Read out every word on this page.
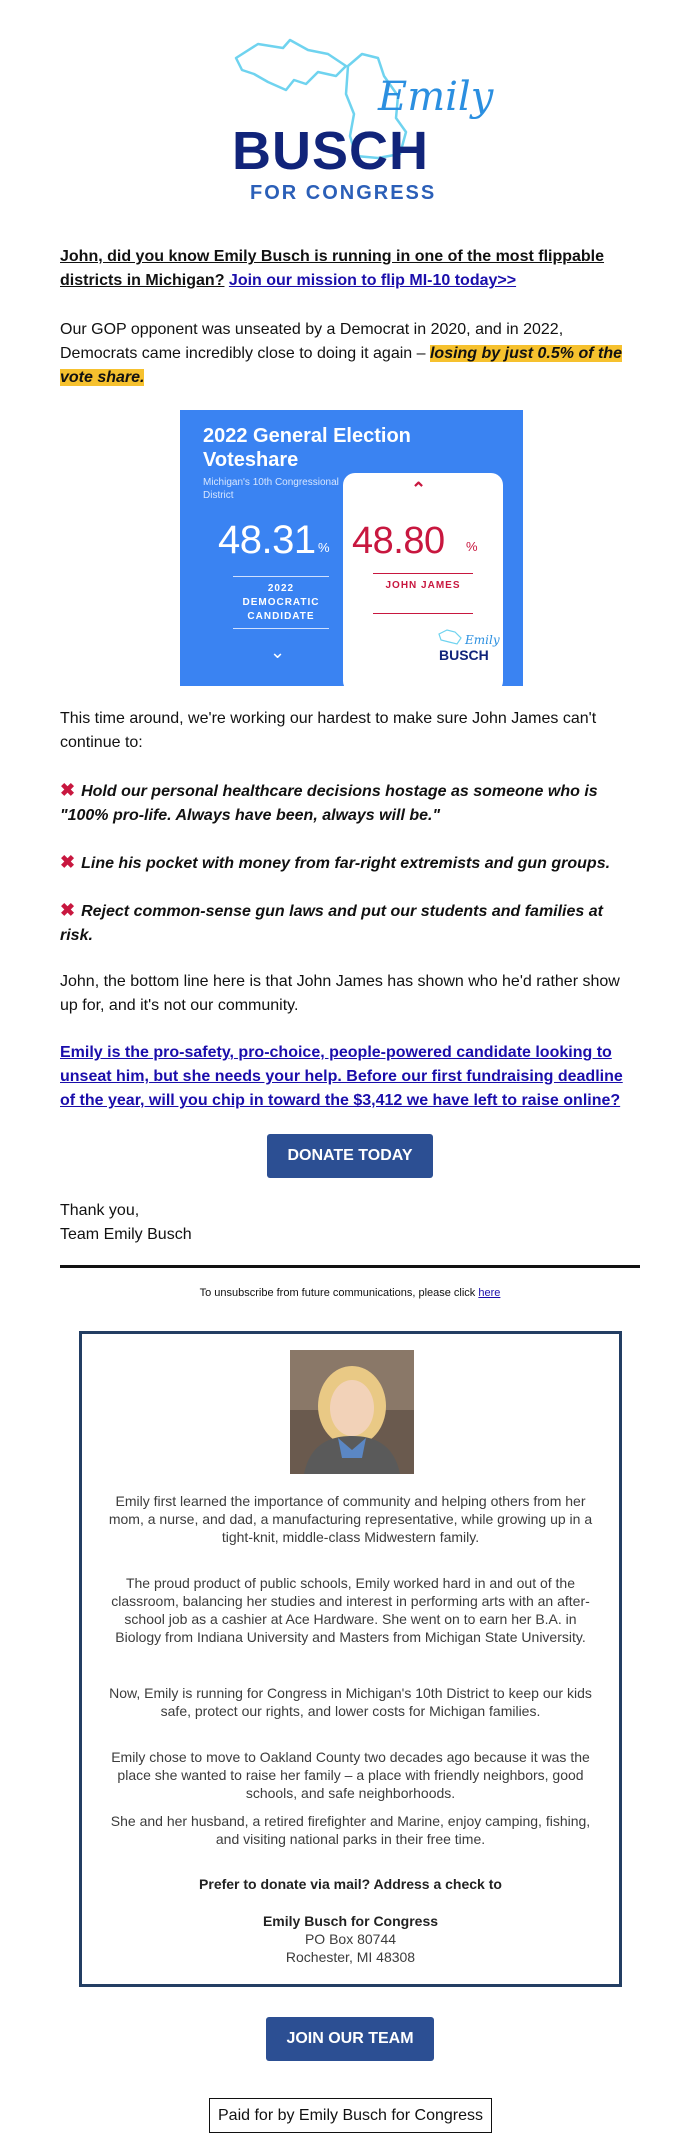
Emily
BUSCH
FOR CONGRESS
John, did you know Emily Busch is running in one of the most flippable districts in Michigan? Join our mission to flip MI-10 today>>
Our GOP opponent was unseated by a Democrat in 2020, and in 2022, Democrats came incredibly close to doing it again – losing by just 0.5% of the vote share.
2022 General Election Voteshare
Michigan's 10th Congressional District
48.31 %
2022 DEMOCRATIC CANDIDATE
⌄
⌃
48.80 %
JOHN JAMES
Emily
BUSCH
This time around, we're working our hardest to make sure John James can't continue to:
✖ Hold our personal healthcare decisions hostage as someone who is "100% pro-life. Always have been, always will be."
✖ Line his pocket with money from far-right extremists and gun groups.
✖ Reject common-sense gun laws and put our students and families at risk.
John, the bottom line here is that John James has shown who he'd rather show up for, and it's not our community.
Emily is the pro-safety, pro-choice, people-powered candidate looking to unseat him, but she needs your help. Before our first fundraising deadline of the year, will you chip in toward the $3,412 we have left to raise online?
DONATE TODAY
Thank you,
Team Emily Busch
To unsubscribe from future communications, please click here
Emily first learned the importance of community and helping others from her mom, a nurse, and dad, a manufacturing representative, while growing up in a tight-knit, middle-class Midwestern family.
The proud product of public schools, Emily worked hard in and out of the classroom, balancing her studies and interest in performing arts with an after-school job as a cashier at Ace Hardware. She went on to earn her B.A. in Biology from Indiana University and Masters from Michigan State University.
Now, Emily is running for Congress in Michigan's 10th District to keep our kids safe, protect our rights, and lower costs for Michigan families.
Emily chose to move to Oakland County two decades ago because it was the place she wanted to raise her family – a place with friendly neighbors, good schools, and safe neighborhoods.
She and her husband, a retired firefighter and Marine, enjoy camping, fishing, and visiting national parks in their free time.
Prefer to donate via mail? Address a check to
Emily Busch for Congress
PO Box 80744
Rochester, MI 48308
JOIN OUR TEAM
Paid for by Emily Busch for Congress
